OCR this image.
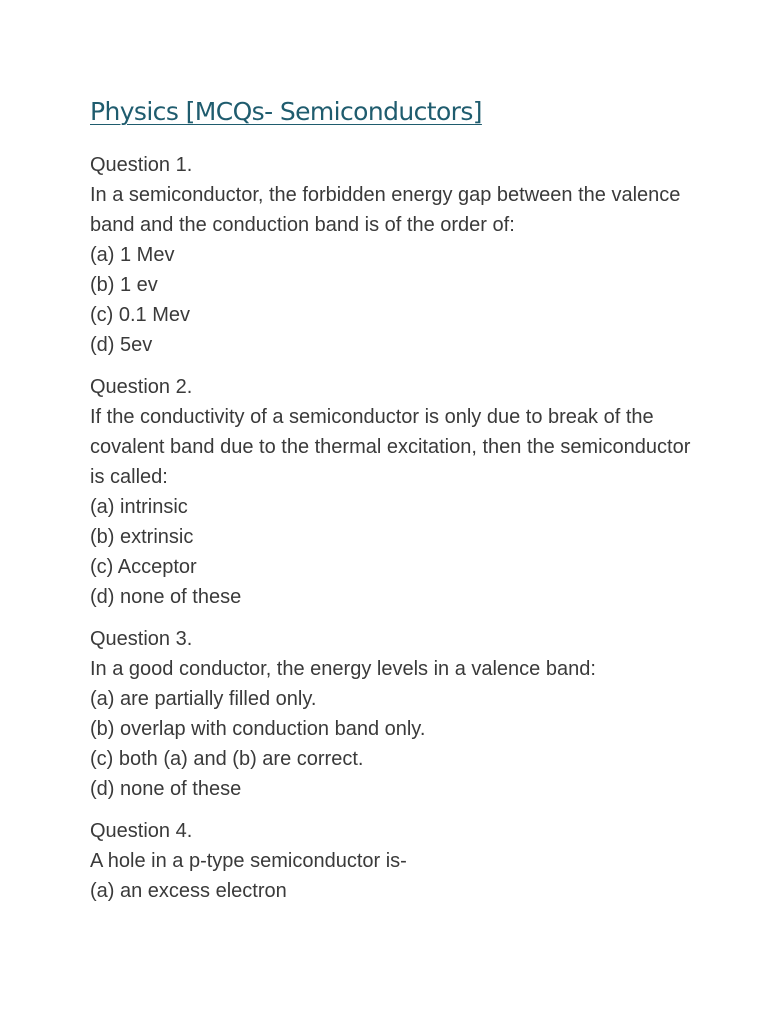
Physics [MCQs- Semiconductors]
Question 1.
In a semiconductor, the forbidden energy gap between the valence band and the conduction band is of the order of:
(a) 1 Mev
(b) 1 ev
(c) 0.1 Mev
(d) 5ev
Question 2.
If the conductivity of a semiconductor is only due to break of the covalent band due to the thermal excitation, then the semiconductor is called:
(a) intrinsic
(b) extrinsic
(c) Acceptor
(d) none of these
Question 3.
In a good conductor, the energy levels in a valence band:
(a) are partially filled only.
(b) overlap with conduction band only.
(c) both (a) and (b) are correct.
(d) none of these
Question 4.
A hole in a p-type semiconductor is-
(a) an excess electron
